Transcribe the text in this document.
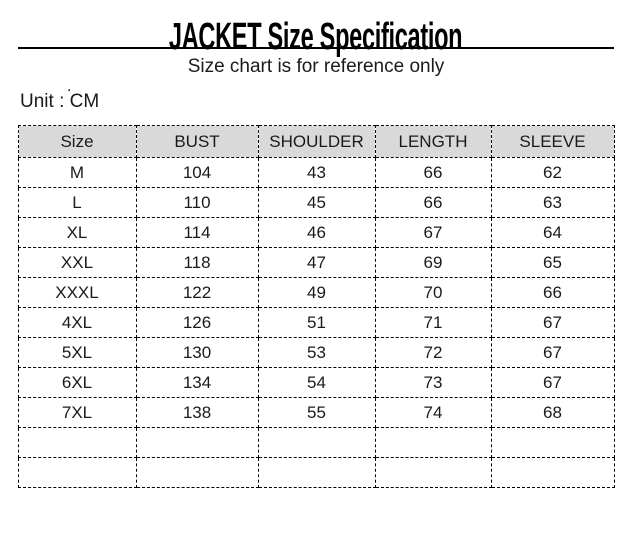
JACKET Size Specification
Size chart is for reference only
.
Unit : CM
Size	BUST	SHOULDER	LENGTH	SLEEVE
M	104	43	66	62
L	110	45	66	63
XL	114	46	67	64
XXL	118	47	69	65
XXXL	122	49	70	66
4XL	126	51	71	67
5XL	130	53	72	67
6XL	134	54	73	67
7XL	138	55	74	68
